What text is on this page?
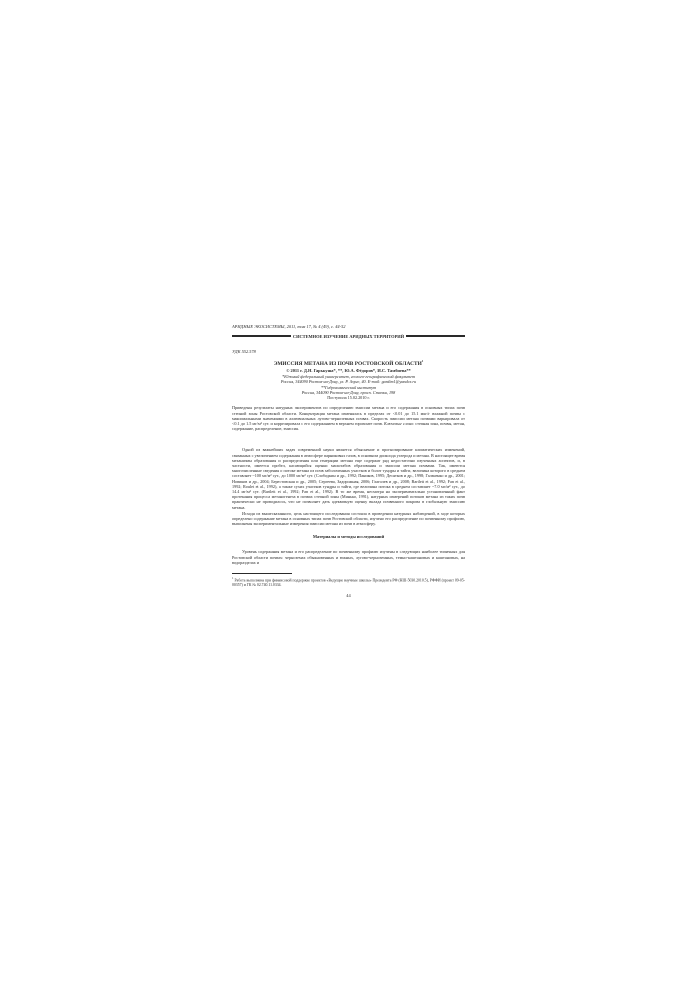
АРИДНЫЕ ЭКОСИСТЕМЫ, 2011, том 17, № 4 (49), с. 44-52
СИСТЕМНОЕ ИЗУЧЕНИЕ АРИДНЫХ ТЕРРИТОРИЙ
УДК 552.578
ЭМИССИЯ МЕТАНА ИЗ ПОЧВ РОСТОВСКОЙ ОБЛАСТИ$^1$
© 2011 г. Д.Н. Гарькуша*, **, Ю.А. Фёдоров*, И.С. Тамбиева**
*Южный федеральный университет, геолого-географический факультет
Россия, 344090 Ростов-на-Дону, ул. Р. Зорге, 40. E-mail: gardim1@yandex.ru
**Гидрохимический институт
Россия, 344090 Ростов-на-Дону, просп. Стачки, 198
Поступила 15.02.2010 г.
Приведены результаты натурных экспериментов по определению эмиссии метана и его содержания в основных типах почв степной зоны Ростовской области. Концентрация метана изменялась в пределах от <0.01 до 15.1 мкг/г влажной почвы с максимальными значениями в аллювиальных лугово-черноземных почвах. Скорость эмиссии метана почвами варьировала от <0.1 до 1.5 мг/м² сут. и коррелировала с его содержанием в верхнем горизонте почв. Ключевые слова: степная зона, почвы, метан, содержание, распределение, эмиссия.
Одной из важнейших задач современной науки является объяснение и прогнозирование климатических изменений, связанных с увеличением содержания в атмосфере парниковых газов, в основном диоксида углерода и метана. В настоящее время механизмы образования и распределения или генерации метана еще содержат ряд недостаточно изученных аспектов, и, в частности, имеется пробел, касающийся оценки масштабов образования и эмиссии метана почвами. Так, имеются многочисленные сведения о потоке метана из почв заболоченных участков и болот тундры и тайги, величина которого в среднем составляет ~100 мг/м² сут., до 1000 мг/м² сут. (Слободкин и др., 1992; Паников, 1995; Десятков и др., 1998; Гальченко и др., 2001; Новиков и др., 2004; Берестовская и др., 2005; Сергеева, Задорожная, 2006; Глаголев и др., 2008; Bartlett et al., 1992; Fan et al., 1992; Roulet et al., 1992), а также сухих участков тундры и тайги, где величина потока в среднем составляет ~7.0 мг/м² сут., до 14.4 мг/м² сут. (Bartlett et al., 1992; Fan et al., 1992). В то же время, несмотря на экспериментально установленный факт протекания процесса метаногенеза в почвах степной зоны (Минько, 1991), натурных измерений потоков метана из таких почв практически не проводилось, что не позволяет дать адекватную оценку вклада почвенного покрова в глобальную эмиссию метана.
Исходя из вышесказанного, цель настоящего исследования состояла в проведении натурных наблюдений, в ходе которых определено содержание метана в основных типах почв Ростовской области, изучено его распределение по почвенному профилю, выполнены экспериментальные измерения эмиссии метана из почв в атмосферу.
Материалы и методы исследований
Уровень содержания метана и его распределение по почвенному профилю изучены в следующих наиболее типичных для Ростовской области почвах: черноземах обыкновенных и южных, лугово-черноземных, темно-каштановых и каштановых, на водоразделах и
$^1$ Работа выполнена при финансовой поддержке проектов «Ведущие научные школы» Президента РФ (НШ-5030.2010.5), РФФИ (проект 09-05-00357) и ГК № 02.740.11.0334.
44
